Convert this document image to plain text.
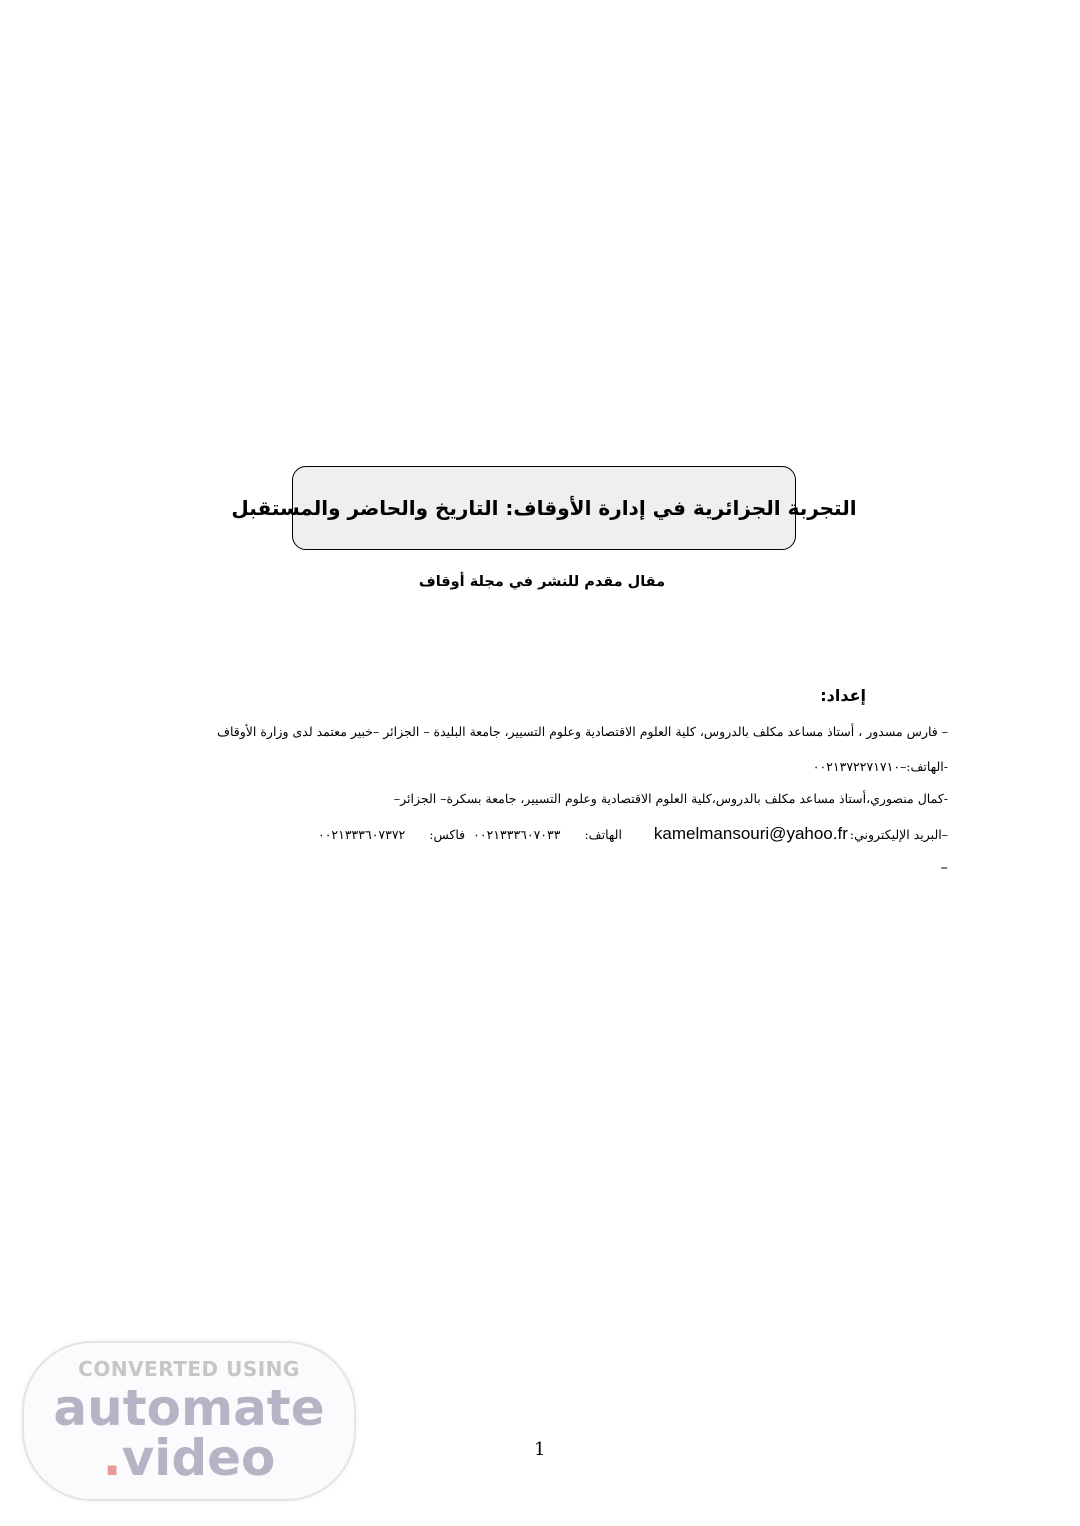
التجربة الجزائرية في إدارة الأوقاف: التاريخ والحاضر والمستقبل
مقال مقدم للنشر في مجلة أوقاف
إعداد:
– فارس مسدور ، أستاذ مساعد مكلف بالدروس، كلية العلوم الاقتصادية وعلوم التسيير، جامعة البليدة – الجزائر –خبير معتمد لدى وزارة الأوقاف
-الهاتف:–٠٠٢١٣٧٢٢٧١٧١٠
-كمال منصوري،أستاذ مساعد مكلف بالدروس،كلية العلوم الاقتصادية وعلوم التسيير، جامعة بسكرة– الجزائر–
–البريد الإليكتروني:
kamelmansouri@yahoo.fr
الهاتف:
٠٠٢١٣٣٣٦٠٧٠٣٣
فاكس:
٠٠٢١٣٣٣٦٠٧٣٧٢
–
1
CONVERTED USING
automate
.video
